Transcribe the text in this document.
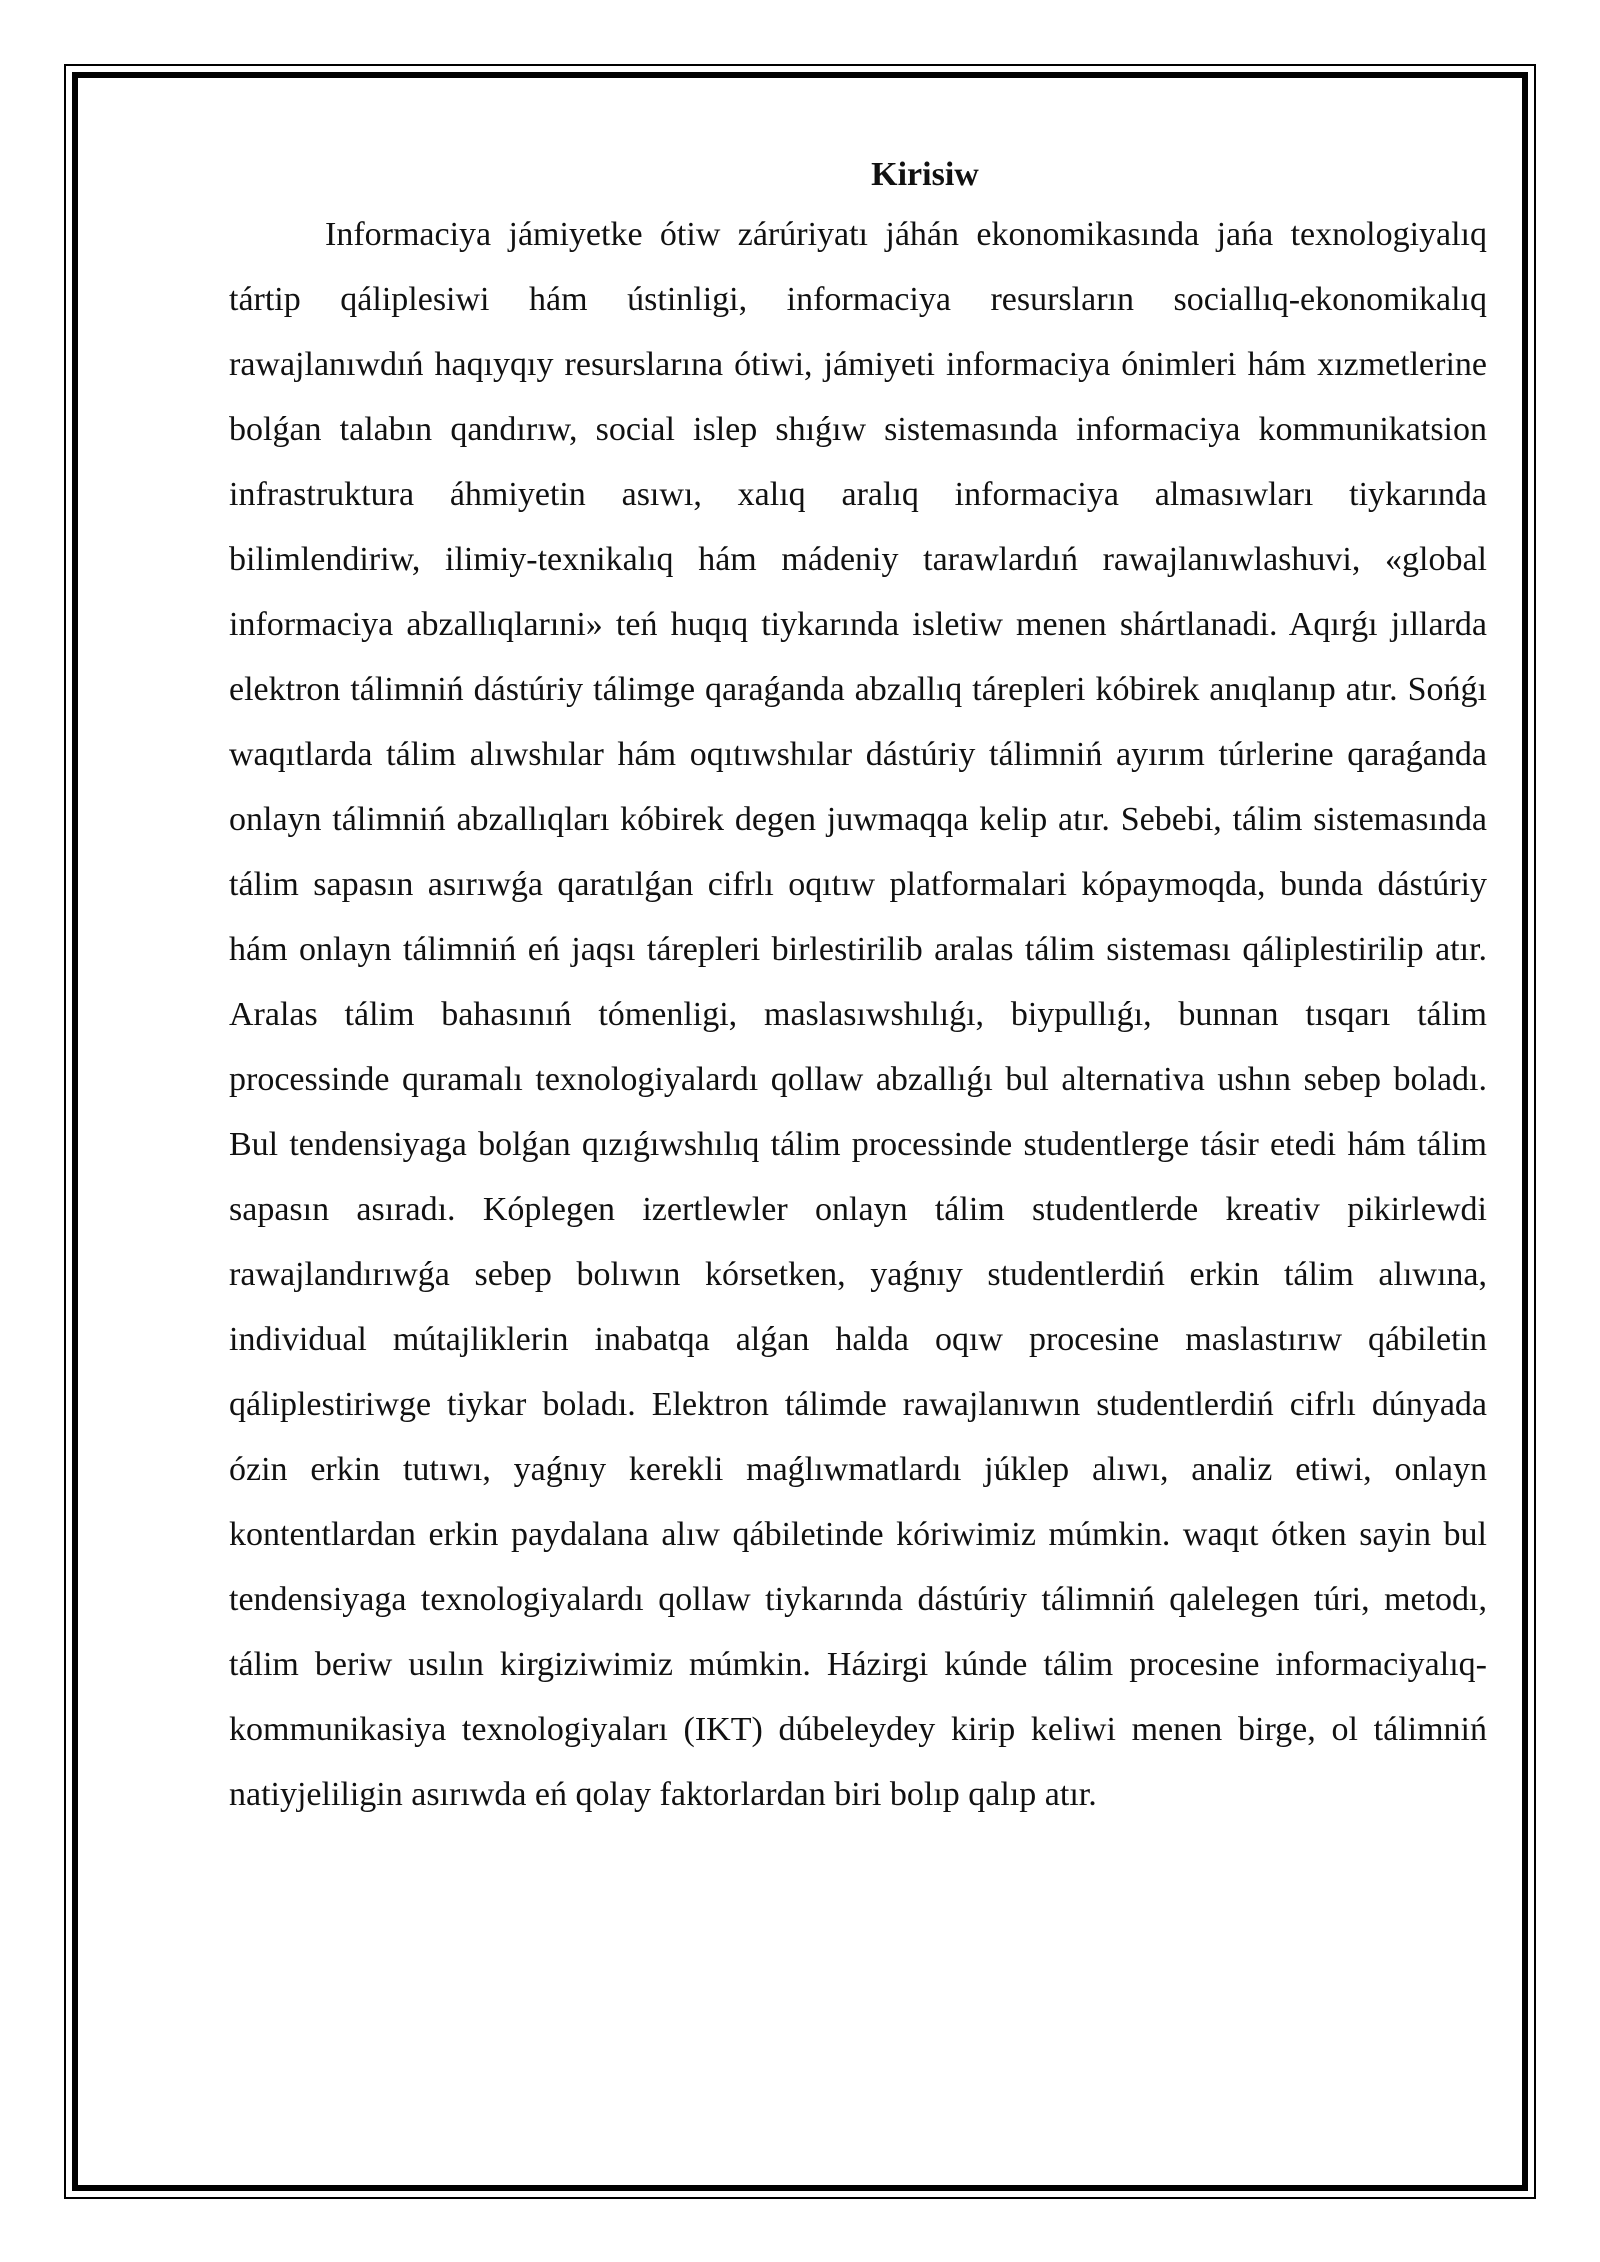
Kirisiw

Informaciya jámiyetke ótiw zárúriyatı jáhán ekonomikasında jańa texnologiyalıq tártip qáliplesiwi hám ústinligi, informaciya resursların sociallıq-ekonomikalıq rawajlanıwdıń haqıyqıy resurslarına ótiwi, jámiyeti informaciya ónimleri hám xızmetlerine bolǵan talabın qandırıw, social islep shıǵıw sistemasında informaciya kommunikatsion infrastruktura áhmiyetin asıwı, xalıq aralıq informaciya almasıwları tiykarında bilimlendiriw, ilimiy-texnikalıq hám mádeniy tarawlardıń rawajlanıwlashuvi, «global informaciya abzallıqlarıni» teń huqıq tiykarında isletiw menen shártlanadi. Aqırǵı jıllarda elektron tálimniń dástúriy tálimge qaraǵanda abzallıq tárepleri kóbirek anıqlanıp atır. Sońǵı waqıtlarda tálim alıwshılar hám oqıtıwshılar dástúriy tálimniń ayırım túrlerine qaraǵanda onlayn tálimniń abzallıqları kóbirek degen juwmaqqa kelip atır. Sebebi, tálim sistemasında tálim sapasın asırıwǵa qaratılǵan cifrlı oqıtıw platformalari kópaymoqda, bunda dástúriy hám onlayn tálimniń eń jaqsı tárepleri birlestirilib aralas tálim sisteması qáliplestirilip atır. Aralas tálim bahasınıń tómenligi, maslasıwshılıǵı, biypullıǵı, bunnan tısqarı tálim processinde quramalı texnologiyalardı qollaw abzallıǵı bul alternativa ushın sebep boladı. Bul tendensiyaga bolǵan qızıǵıwshılıq tálim processinde studentlerge tásir etedi hám tálim sapasın asıradı. Kóplegen izertlewler onlayn tálim studentlerde kreativ pikirlewdi rawajlandırıwǵa sebep bolıwın kórsetken, yaǵnıy studentlerdiń erkin tálim alıwına, individual mútajliklerin inabatqa alǵan halda oqıw procesine maslastırıw qábiletin qáliplestiriwge tiykar boladı. Elektron tálimde rawajlanıwın studentlerdiń cifrlı dúnyada ózin erkin tutıwı, yaǵnıy kerekli maǵlıwmatlardı júklep alıwı, analiz etiwi, onlayn kontentlardan erkin paydalana alıw qábiletinde kóriwimiz múmkin. waqıt ótken sayin bul tendensiyaga texnologiyalardı qollaw tiykarında dástúriy tálimniń qalelegen túri, metodı, tálim beriw usılın kirgiziwimiz múmkin. Házirgi kúnde tálim procesine informaciyalıq-kommunikasiya texnologiyaları (IKT) dúbeleydey kirip keliwi menen birge, ol tálimniń natiyjeliligin asırıwda eń qolay faktorlardan biri bolıp qalıp atır.
